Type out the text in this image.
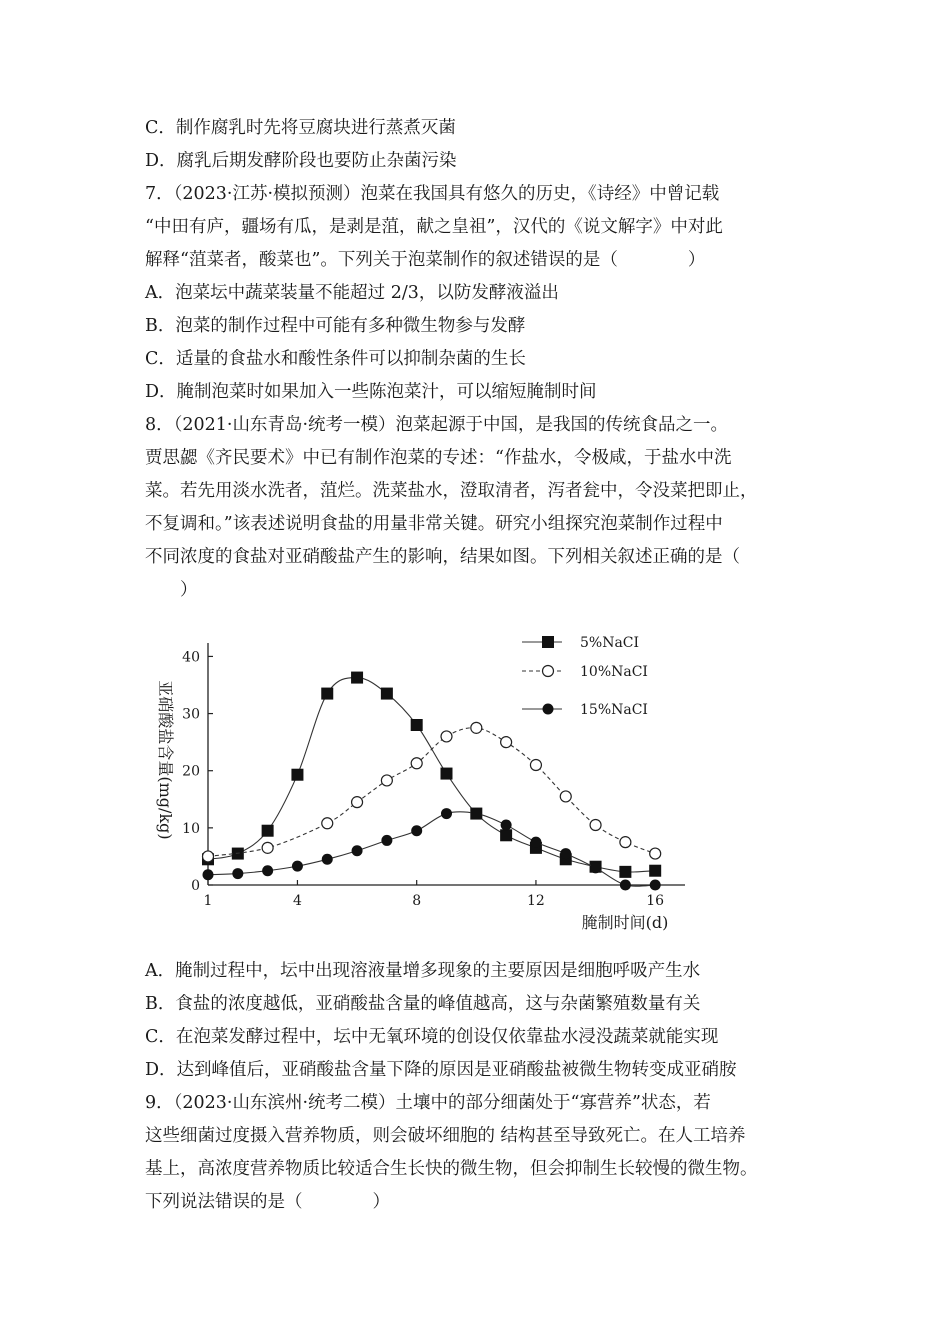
C．制作腐乳时先将豆腐块进行蒸煮灭菌
D．腐乳后期发酵阶段也要防止杂菌污染
7．（2023·江苏·模拟预测）泡菜在我国具有悠久的历史，《诗经》中曾记载
“中田有庐，疆场有瓜，是剥是菹，献之皇祖”，汉代的《说文解字》中对此
解释“菹菜者，酸菜也”。下列关于泡菜制作的叙述错误的是（　　　　）
A．泡菜坛中蔬菜装量不能超过 2/3，以防发酵液溢出
B．泡菜的制作过程中可能有多种微生物参与发酵
C．适量的食盐水和酸性条件可以抑制杂菌的生长
D．腌制泡菜时如果加入一些陈泡菜汁，可以缩短腌制时间
8．（2021·山东青岛·统考一模）泡菜起源于中国，是我国的传统食品之一。
贾思勰《齐民要术》中已有制作泡菜的专述：“作盐水，令极咸，于盐水中洗
菜。若先用淡水洗者，菹烂。洗菜盐水，澄取清者，泻者瓮中，令没菜把即止，
不复调和。”该表述说明食盐的用量非常关键。研究小组探究泡菜制作过程中
不同浓度的食盐对亚硝酸盐产生的影响，结果如图。下列相关叙述正确的是（
　　）
A．腌制过程中，坛中出现溶液量增多现象的主要原因是细胞呼吸产生水
B．食盐的浓度越低，亚硝酸盐含量的峰值越高，这与杂菌繁殖数量有关
C．在泡菜发酵过程中，坛中无氧环境的创设仅依靠盐水浸没蔬菜就能实现
D．达到峰值后，亚硝酸盐含量下降的原因是亚硝酸盐被微生物转变成亚硝胺
9．（2023·山东滨州·统考二模）土壤中的部分细菌处于“寡营养”状态，若
这些细菌过度摄入营养物质，则会破坏细胞的 结构甚至导致死亡。在人工培养
基上，高浓度营养物质比较适合生长快的微生物，但会抑制生长较慢的微生物。
下列说法错误的是（　　　　）
0
10
20
30
40
1	4	8	12	16
腌制时间(d)
亚硝酸盐含量(mg/kg)
5%NaCI
10%NaCI
15%NaCI
